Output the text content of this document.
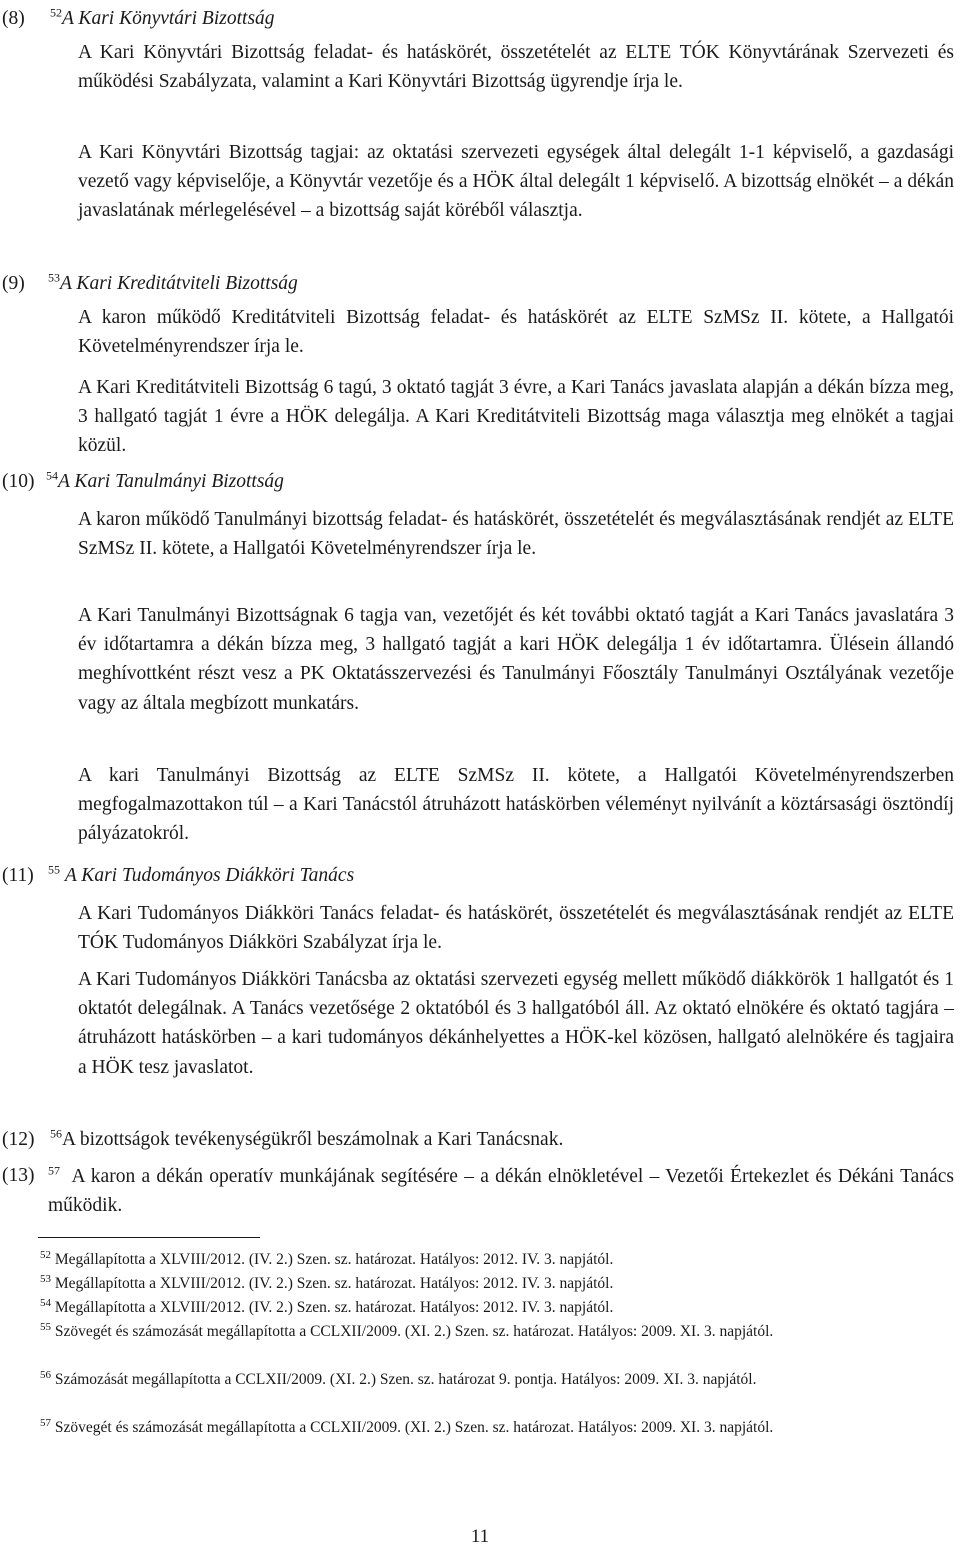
(8) $^{52}$A Kari Könyvtári Bizottság

A Kari Könyvtári Bizottság feladat- és hatáskörét, összetételét az ELTE TÓK Könyvtárának Szervezeti és működési Szabályzata, valamint a Kari Könyvtári Bizottság ügyrendje írja le.

A Kari Könyvtári Bizottság tagjai: az oktatási szervezeti egységek által delegált 1-1 képviselő, a gazdasági vezető vagy képviselője, a Könyvtár vezetője és a HÖK által delegált 1 képviselő. A bizottság elnökét – a dékán javaslatának mérlegelésével – a bizottság saját köréből választja.

(9) $^{53}$A Kari Kreditátviteli Bizottság

A karon működő Kreditátviteli Bizottság feladat- és hatáskörét az ELTE SzMSz II. kötete, a Hallgatói Követelményrendszer írja le.

A Kari Kreditátviteli Bizottság 6 tagú, 3 oktató tagját 3 évre, a Kari Tanács javaslata alapján a dékán bízza meg, 3 hallgató tagját 1 évre a HÖK delegálja. A Kari Kreditátviteli Bizottság maga választja meg elnökét a tagjai közül.

(10) $^{54}$A Kari Tanulmányi Bizottság

A karon működő Tanulmányi bizottság feladat- és hatáskörét, összetételét és megválasztásának rendjét az ELTE SzMSz II. kötete, a Hallgatói Követelményrendszer írja le.

A Kari Tanulmányi Bizottságnak 6 tagja van, vezetőjét és két további oktató tagját a Kari Tanács javaslatára 3 év időtartamra a dékán bízza meg, 3 hallgató tagját a kari HÖK delegálja 1 év időtartamra. Ülésein állandó meghívottként részt vesz a PK Oktatásszervezési és Tanulmányi Főosztály Tanulmányi Osztályának vezetője vagy az általa megbízott munkatárs.

A kari Tanulmányi Bizottság az ELTE SzMSz II. kötete, a Hallgatói Követelményrendszerben megfogalmazottakon túl – a Kari Tanácstól átruházott hatáskörben véleményt nyilvánít a köztársasági ösztöndíj pályázatokról.

(11) $^{55}$ A Kari Tudományos Diákköri Tanács

A Kari Tudományos Diákköri Tanács feladat- és hatáskörét, összetételét és megválasztásának rendjét az ELTE TÓK Tudományos Diákköri Szabályzat írja le.

A Kari Tudományos Diákköri Tanácsba az oktatási szervezeti egység mellett működő diákkörök 1 hallgatót és 1 oktatót delegálnak. A Tanács vezetősége 2 oktatóból és 3 hallgatóból áll. Az oktató elnökére és oktató tagjára – átruházott hatáskörben – a kari tudományos dékánhelyettes a HÖK-kel közösen, hallgató alelnökére és tagjaira a HÖK tesz javaslatot.

(12) $^{56}$A bizottságok tevékenységükről beszámolnak a Kari Tanácsnak.
(13) $^{57}$ A karon a dékán operatív munkájának segítésére – a dékán elnökletével – Vezetői Értekezlet és Dékáni Tanács működik.

$^{52}$ Megállapította a XLVIII/2012. (IV. 2.) Szen. sz. határozat. Hatályos: 2012. IV. 3. napjától.

$^{53}$ Megállapította a XLVIII/2012. (IV. 2.) Szen. sz. határozat. Hatályos: 2012. IV. 3. napjától.

$^{54}$ Megállapította a XLVIII/2012. (IV. 2.) Szen. sz. határozat. Hatályos: 2012. IV. 3. napjától.

$^{55}$ Szövegét és számozását megállapította a CCLXII/2009. (XI. 2.) Szen. sz. határozat. Hatályos: 2009. XI. 3. napjától.

$^{56}$ Számozását megállapította a CCLXII/2009. (XI. 2.) Szen. sz. határozat 9. pontja. Hatályos: 2009. XI. 3. napjától.

$^{57}$ Szövegét és számozását megállapította a CCLXII/2009. (XI. 2.) Szen. sz. határozat. Hatályos: 2009. XI. 3. napjától.

11
